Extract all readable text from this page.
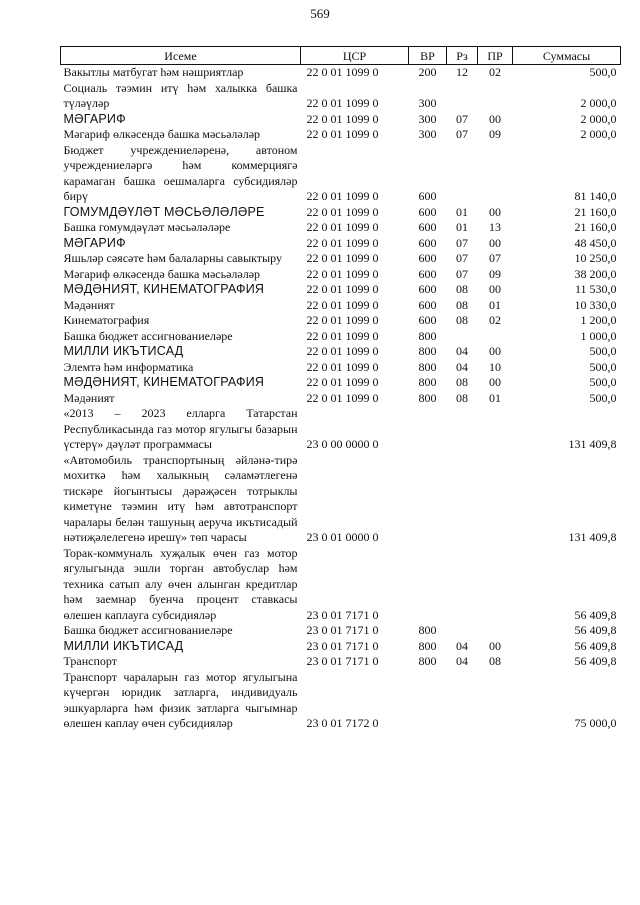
569
Исеме	ЦСР	ВР	Рз	ПР	Суммасы
Вакытлы матбугат һәм нәшриятлар	22 0 01 1099 0	200	12	02	500,0
Социаль тәэмин итү һәм халыкка башка түләүләр	22 0 01 1099 0	300			2 000,0
МӘГАРИФ	22 0 01 1099 0	300	07	00	2 000,0
Мәгариф өлкәсендә башка мәсьәләләр	22 0 01 1099 0	300	07	09	2 000,0
Бюджет учреждениеләренә, автоном учреждениеләргә һәм коммерциягә карамаган башка оешмаларга субсидияләр бирү	22 0 01 1099 0	600			81 140,0
ГОМУМДӘҮЛӘТ МӘСЬӘЛӘЛӘРЕ	22 0 01 1099 0	600	01	00	21 160,0
Башка гомумдәүләт мәсьәләләре	22 0 01 1099 0	600	01	13	21 160,0
МӘГАРИФ	22 0 01 1099 0	600	07	00	48 450,0
Яшьләр сәясәте һәм балаларны савыктыру	22 0 01 1099 0	600	07	07	10 250,0
Мәгариф өлкәсендә башка мәсьәләләр	22 0 01 1099 0	600	07	09	38 200,0
МӘДӘНИЯТ, КИНЕМАТОГРАФИЯ	22 0 01 1099 0	600	08	00	11 530,0
Мәдәният	22 0 01 1099 0	600	08	01	10 330,0
Кинематография	22 0 01 1099 0	600	08	02	1 200,0
Башка бюджет ассигнованиеләре	22 0 01 1099 0	800			1 000,0
МИЛЛИ ИКЪТИСАД	22 0 01 1099 0	800	04	00	500,0
Элемтә һәм информатика	22 0 01 1099 0	800	04	10	500,0
МӘДӘНИЯТ, КИНЕМАТОГРАФИЯ	22 0 01 1099 0	800	08	00	500,0
Мәдәният	22 0 01 1099 0	800	08	01	500,0
«2013 – 2023 елларга Татарстан Республикасында газ мотор ягулыгы базарын үстерү» дәүләт программасы	23 0 00 0000 0				131 409,8
«Автомобиль транспортының әйләнә-тирә мохиткә һәм халыкның сәламәтлегенә тискәре йогынтысы дәрәҗәсен тотрыклы киметүне тәэмин итү һәм автотранспорт чаралары белән ташуның аеруча икътисадый нәтиҗәлелегенә ирешү» төп чарасы	23 0 01 0000 0				131 409,8
Торак-коммуналь хуҗалык өчен газ мотор ягулыгында эшли торган автобуслар һәм техника сатып алу өчен алынган кредитлар һәм заемнар буенча процент ставкасы өлешен каплауга субсидияләр	23 0 01 7171 0				56 409,8
Башка бюджет ассигнованиеләре	23 0 01 7171 0	800			56 409,8
МИЛЛИ ИКЪТИСАД	23 0 01 7171 0	800	04	00	56 409,8
Транспорт	23 0 01 7171 0	800	04	08	56 409,8
Транспорт чараларын газ мотор ягулыгына күчергән юридик затларга, индивидуаль эшкуарларга һәм физик затларга чыгымнар өлешен каплау өчен субсидияләр	23 0 01 7172 0				75 000,0
